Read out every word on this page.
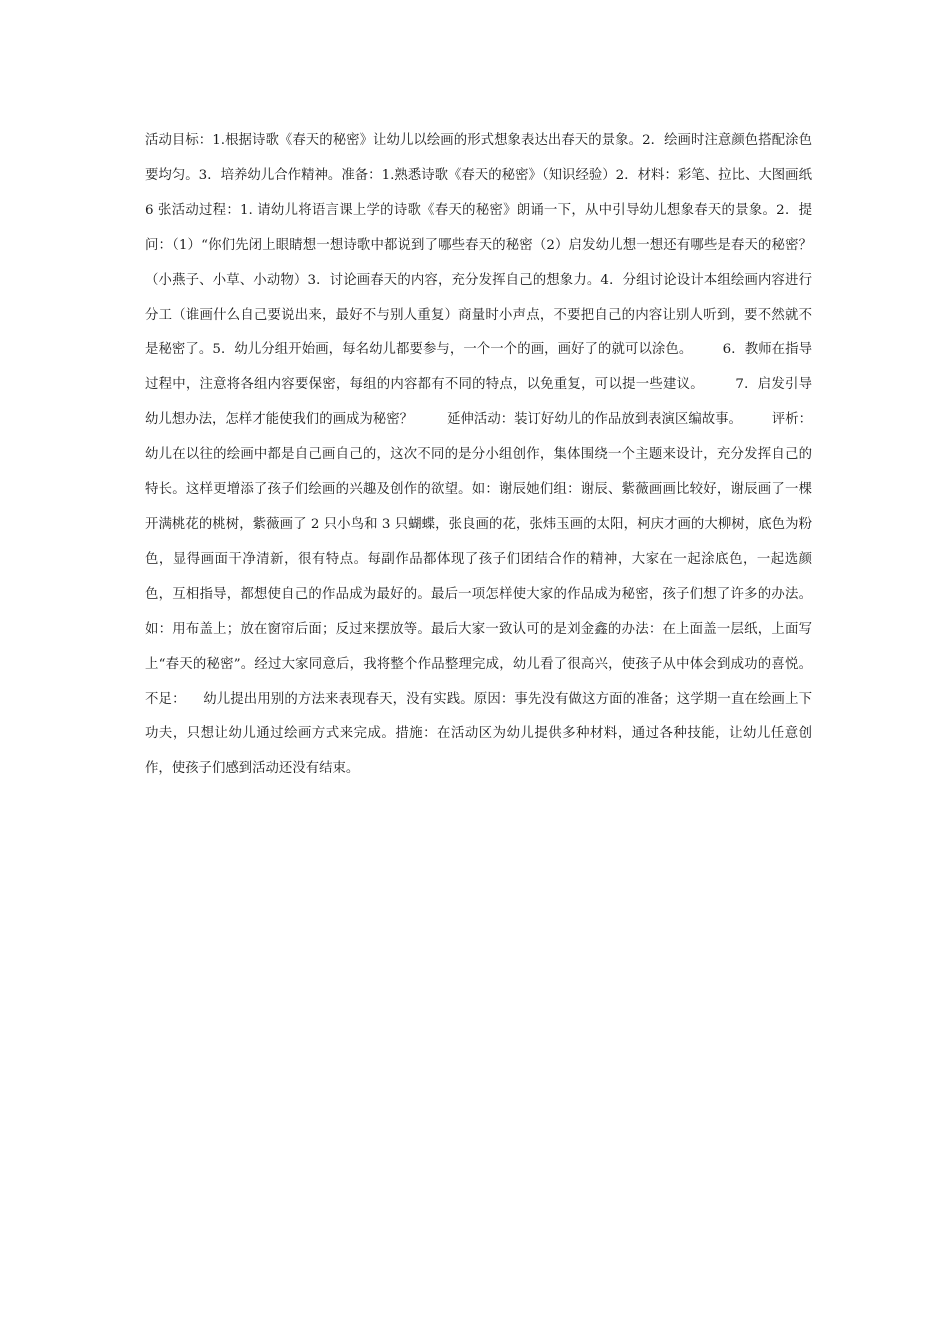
活动目标：1.根据诗歌《春天的秘密》让幼儿以绘画的形式想象表达出春天的景象。2．绘画时注意颜色搭配涂色要均匀。3．培养幼儿合作精神。准备：1.熟悉诗歌《春天的秘密》（知识经验）2．材料：彩笔、拉比、大图画纸 6 张活动过程：1. 请幼儿将语言课上学的诗歌《春天的秘密》朗诵一下，从中引导幼儿想象春天的景象。2．提问：（1）“你们先闭上眼睛想一想诗歌中都说到了哪些春天的秘密（2）启发幼儿想一想还有哪些是春天的秘密？（小燕子、小草、小动物）3．讨论画春天的内容，充分发挥自己的想象力。4．分组讨论设计本组绘画内容进行分工（谁画什么自己要说出来，最好不与别人重复）商量时小声点，不要把自己的内容让别人听到，要不然就不是秘密了。5．幼儿分组开始画，每名幼儿都要参与，一个一个的画，画好了的就可以涂色。       6．教师在指导过程中，注意将各组内容要保密，每组的内容都有不同的特点，以免重复，可以提一些建议。       7．启发引导幼儿想办法，怎样才能使我们的画成为秘密？        延伸活动：装订好幼儿的作品放到表演区编故事。       评析：幼儿在以往的绘画中都是自己画自己的，这次不同的是分小组创作，集体围绕一个主题来设计，充分发挥自己的特长。这样更增添了孩子们绘画的兴趣及创作的欲望。如：谢辰她们组：谢辰、紫薇画画比较好，谢辰画了一棵开满桃花的桃树，紫薇画了 2 只小鸟和 3 只蝴蝶，张良画的花，张炜玉画的太阳，柯庆才画的大柳树，底色为粉色，显得画面干净清新，很有特点。每副作品都体现了孩子们团结合作的精神，大家在一起涂底色，一起选颜色，互相指导，都想使自己的作品成为最好的。最后一项怎样使大家的作品成为秘密，孩子们想了许多的办法。如：用布盖上；放在窗帘后面；反过来摆放等。最后大家一致认可的是刘金鑫的办法：在上面盖一层纸，上面写上“春天的秘密”。经过大家同意后，我将整个作品整理完成，幼儿看了很高兴，使孩子从中体会到成功的喜悦。不足：    幼儿提出用别的方法来表现春天，没有实践。原因：事先没有做这方面的准备；这学期一直在绘画上下功夫，只想让幼儿通过绘画方式来完成。措施：在活动区为幼儿提供多种材料，通过各种技能，让幼儿任意创作，使孩子们感到活动还没有结束。
